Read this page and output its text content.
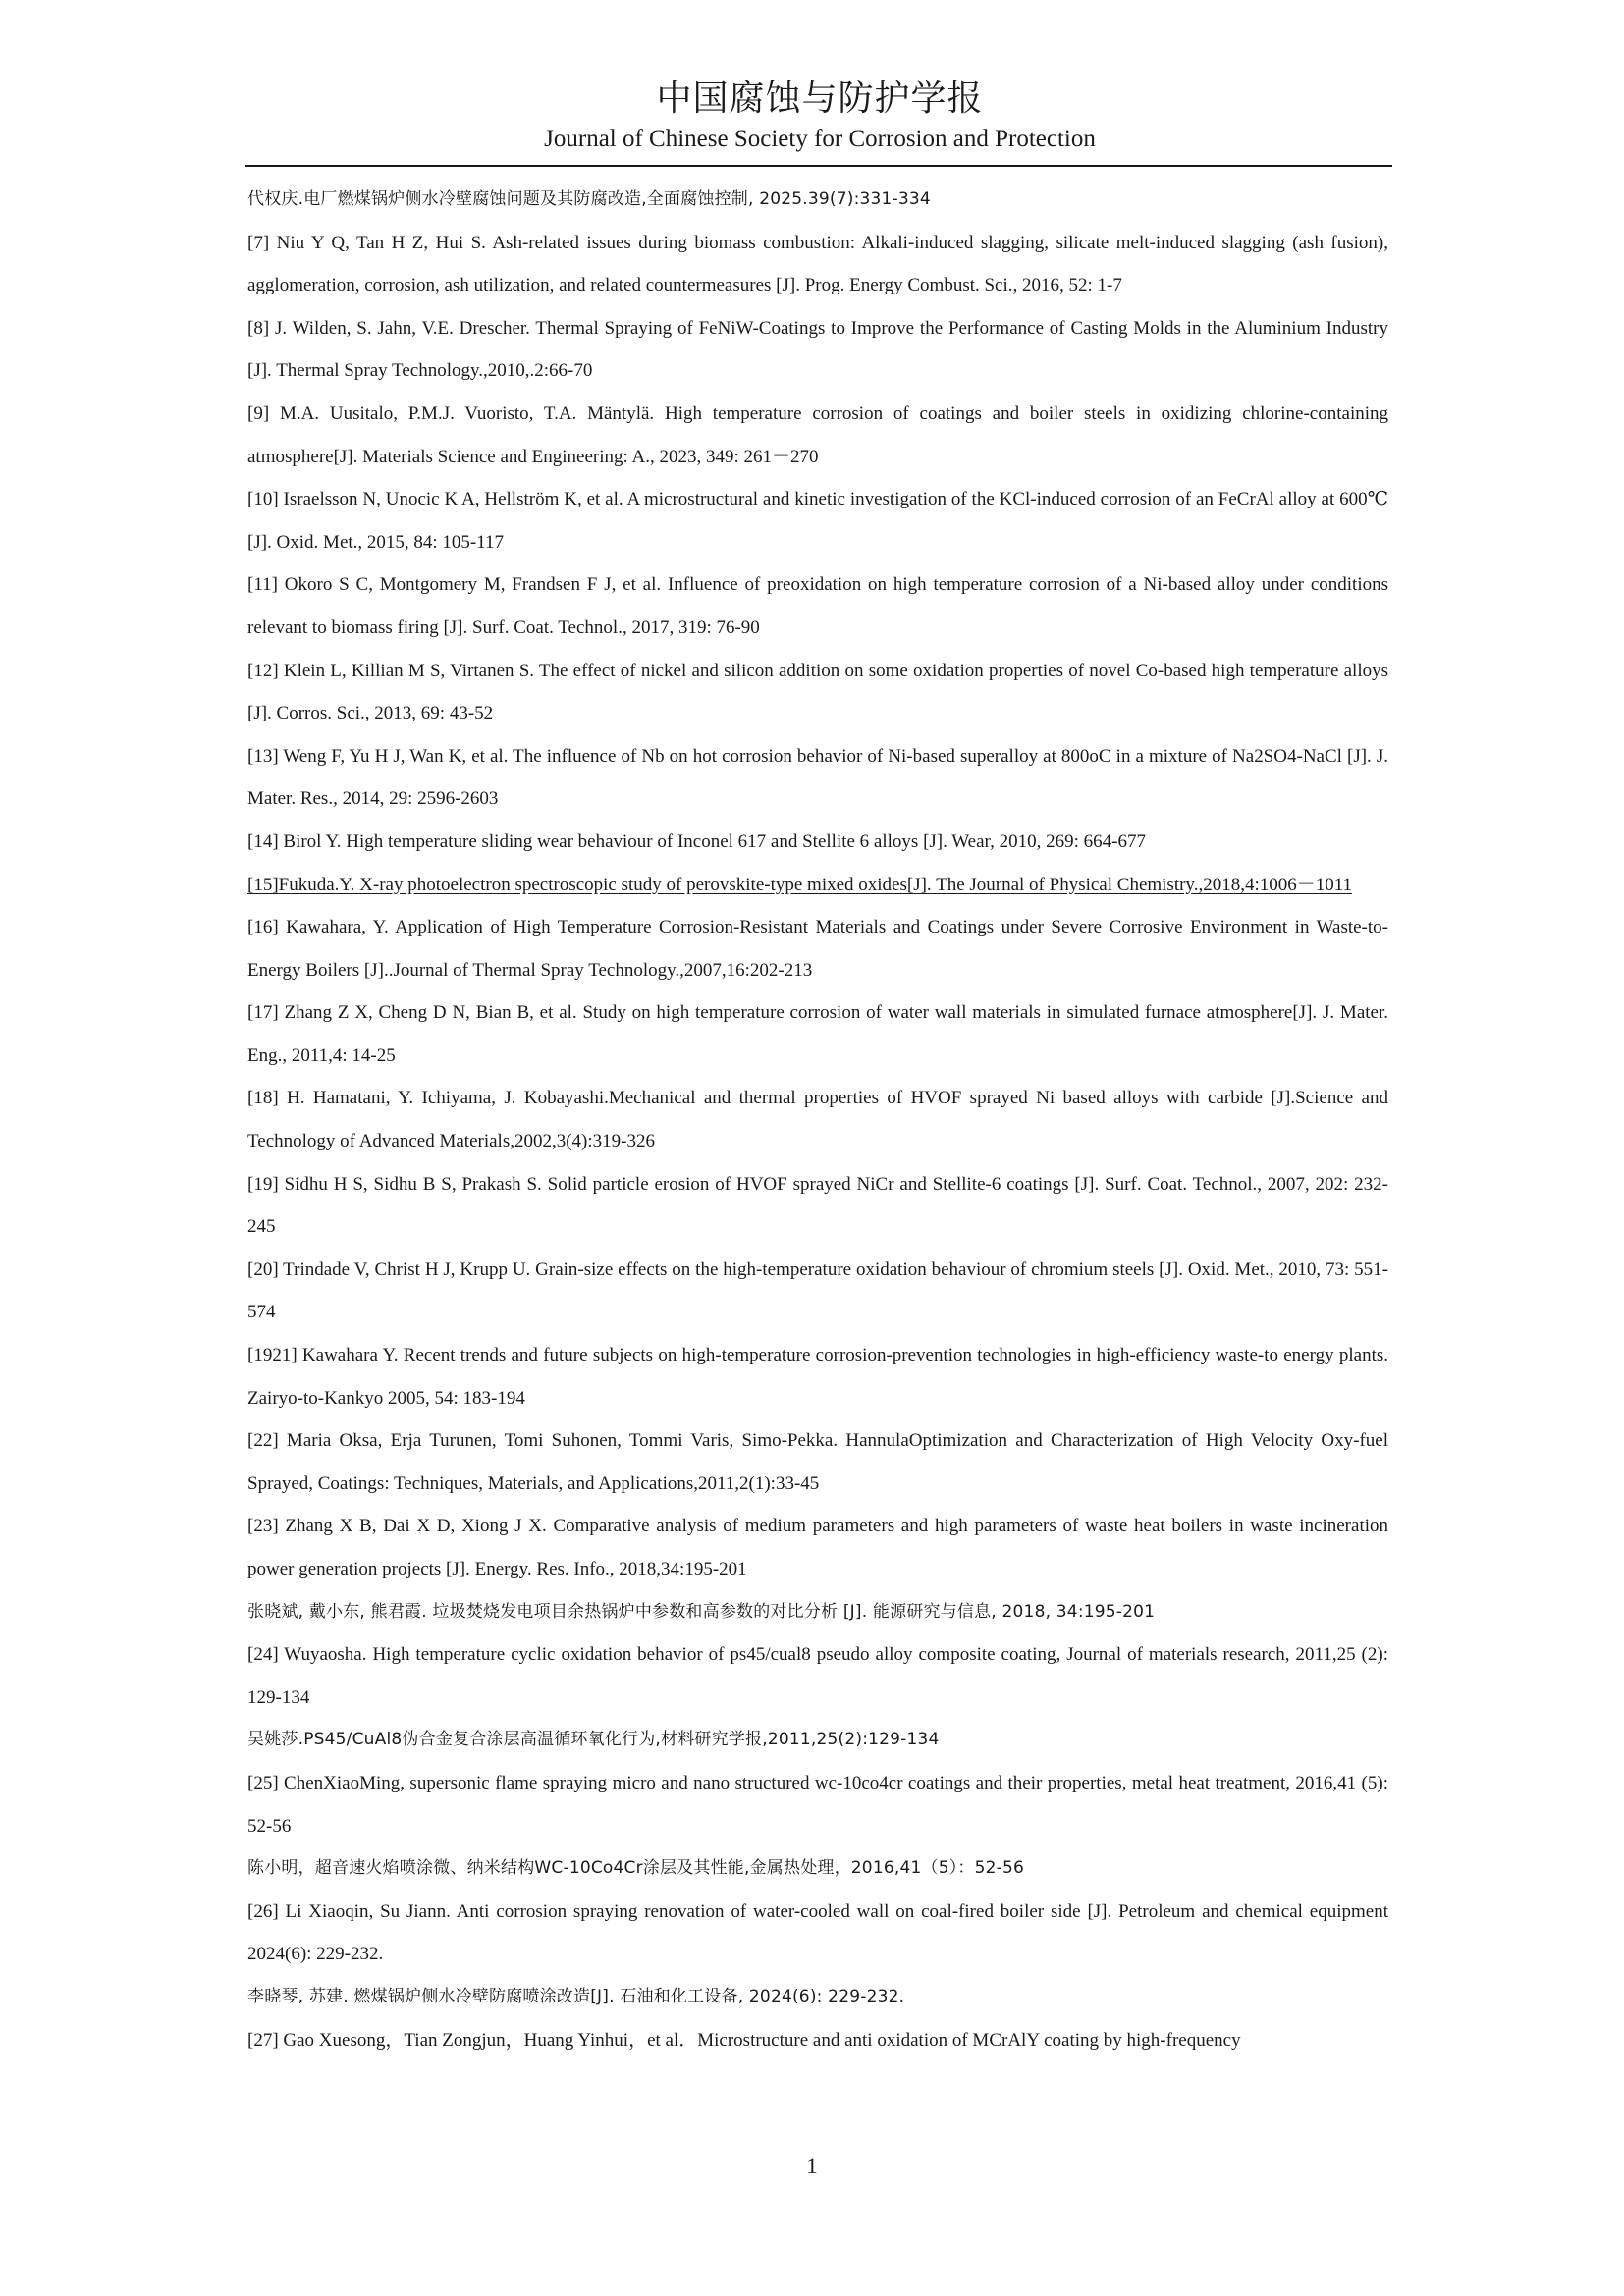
中国腐蚀与防护学报
Journal of Chinese Society for Corrosion and Protection

代权庆.电厂燃煤锅炉侧水冷壁腐蚀问题及其防腐改造,全面腐蚀控制, 2025.39(7):331-334

[7] Niu Y Q, Tan H Z, Hui S. Ash-related issues during biomass combustion: Alkali-induced slagging, silicate melt-induced slagging (ash fusion), agglomeration, corrosion, ash utilization, and related countermeasures [J]. Prog. Energy Combust. Sci., 2016, 52: 1-7

[8] J. Wilden, S. Jahn, V.E. Drescher. Thermal Spraying of FeNiW-Coatings to Improve the Performance of Casting Molds in the Aluminium Industry [J]. Thermal Spray Technology.,2010,.2:66-70

[9] M.A. Uusitalo, P.M.J. Vuoristo, T.A. Mäntylä. High temperature corrosion of coatings and boiler steels in oxidizing chlorine-containing atmosphere[J]. Materials Science and Engineering: A., 2023, 349: 261－270

[10] Israelsson N, Unocic K A, Hellström K, et al. A microstructural and kinetic investigation of the KCl-induced corrosion of an FeCrAl alloy at 600℃ [J]. Oxid. Met., 2015, 84: 105-117

[11] Okoro S C, Montgomery M, Frandsen F J, et al. Influence of preoxidation on high temperature corrosion of a Ni-based alloy under conditions relevant to biomass firing [J]. Surf. Coat. Technol., 2017, 319: 76-90

[12] Klein L, Killian M S, Virtanen S. The effect of nickel and silicon addition on some oxidation properties of novel Co-based high temperature alloys [J]. Corros. Sci., 2013, 69: 43-52

[13] Weng F, Yu H J, Wan K, et al. The influence of Nb on hot corrosion behavior of Ni-based superalloy at 800oC in a mixture of Na2SO4-NaCl [J]. J. Mater. Res., 2014, 29: 2596-2603

[14] Birol Y. High temperature sliding wear behaviour of Inconel 617 and Stellite 6 alloys [J]. Wear, 2010, 269: 664-677

[15]Fukuda.Y. X-ray photoelectron spectroscopic study of perovskite-type mixed oxides[J]. The Journal of Physical Chemistry.,2018,4:1006－1011

[16] Kawahara, Y. Application of High Temperature Corrosion-Resistant Materials and Coatings under Severe Corrosive Environment in Waste-to-Energy Boilers [J]..Journal of Thermal Spray Technology.,2007,16:202-213

[17] Zhang Z X, Cheng D N, Bian B, et al. Study on high temperature corrosion of water wall materials in simulated furnace atmosphere[J]. J. Mater. Eng., 2011,4: 14-25

[18] H. Hamatani, Y. Ichiyama, J. Kobayashi.Mechanical and thermal properties of HVOF sprayed Ni based alloys with carbide [J].Science and Technology of Advanced Materials,2002,3(4):319-326

[19] Sidhu H S, Sidhu B S, Prakash S. Solid particle erosion of HVOF sprayed NiCr and Stellite-6 coatings [J]. Surf. Coat. Technol., 2007, 202: 232-245

[20] Trindade V, Christ H J, Krupp U. Grain-size effects on the high-temperature oxidation behaviour of chromium steels [J]. Oxid. Met., 2010, 73: 551-574

[1921] Kawahara Y. Recent trends and future subjects on high-temperature corrosion-prevention technologies in high-efficiency waste-to energy plants. Zairyo-to-Kankyo 2005, 54: 183-194

[22] Maria Oksa, Erja Turunen, Tomi Suhonen, Tommi Varis, Simo-Pekka. HannulaOptimization and Characterization of High Velocity Oxy-fuel Sprayed, Coatings: Techniques, Materials, and Applications,2011,2(1):33-45

[23] Zhang X B, Dai X D, Xiong J X. Comparative analysis of medium parameters and high parameters of waste heat boilers in waste incineration power generation projects [J]. Energy. Res. Info., 2018,34:195-201

张晓斌, 戴小东, 熊君霞. 垃圾焚烧发电项目余热锅炉中参数和高参数的对比分析 [J]. 能源研究与信息, 2018, 34:195-201

[24] Wuyaosha. High temperature cyclic oxidation behavior of ps45/cual8 pseudo alloy composite coating, Journal of materials research, 2011,25 (2): 129-134

吴姚莎.PS45/CuAl8伪合金复合涂层高温循环氧化行为,材料研究学报,2011,25(2):129-134

[25] ChenXiaoMing, supersonic flame spraying micro and nano structured wc-10co4cr coatings and their properties, metal heat treatment, 2016,41 (5): 52-56

陈小明，超音速火焰喷涂微、纳米结构WC-10Co4Cr涂层及其性能,金属热处理，2016,41（5）：52-56

[26] Li Xiaoqin, Su Jiann. Anti corrosion spraying renovation of water-cooled wall on coal-fired boiler side [J]. Petroleum and chemical equipment 2024(6): 229-232.

李晓琴, 苏建. 燃煤锅炉侧水冷壁防腐喷涂改造[J]. 石油和化工设备, 2024(6): 229-232.

[27] Gao Xuesong，Tian Zongjun，Huang Yinhui，et al．Microstructure and anti oxidation of MCrAlY coating by high-frequency

1
